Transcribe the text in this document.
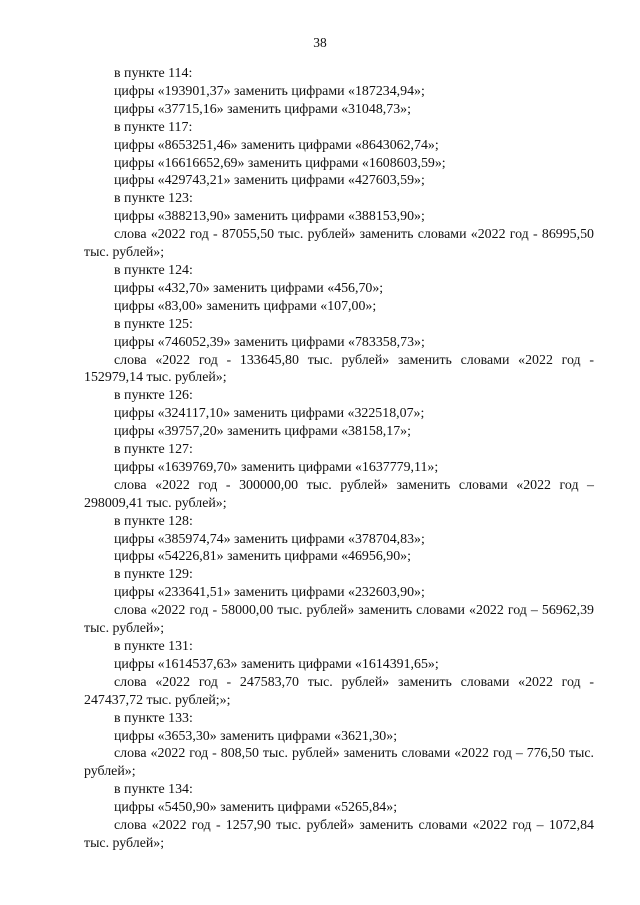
38

в пункте 114:

цифры «193901,37» заменить цифрами «187234,94»;

цифры «37715,16» заменить цифрами «31048,73»;

в пункте 117:

цифры «8653251,46» заменить цифрами «8643062,74»;

цифры «16616652,69» заменить цифрами «1608603,59»;

цифры «429743,21» заменить цифрами «427603,59»;

в пункте 123:

цифры «388213,90» заменить цифрами «388153,90»;

слова «2022 год - 87055,50 тыс. рублей» заменить словами «2022 год - 86995,50 тыс. рублей»;

в пункте 124:

цифры «432,70» заменить цифрами «456,70»;

цифры «83,00» заменить цифрами «107,00»;

в пункте 125:

цифры «746052,39» заменить цифрами «783358,73»;

слова «2022 год - 133645,80 тыс. рублей» заменить словами «2022 год - 152979,14 тыс. рублей»;

в пункте 126:

цифры «324117,10» заменить цифрами «322518,07»;

цифры «39757,20» заменить цифрами «38158,17»;

в пункте 127:

цифры «1639769,70» заменить цифрами «1637779,11»;

слова «2022 год - 300000,00 тыс. рублей» заменить словами «2022 год – 298009,41 тыс. рублей»;

в пункте 128:

цифры «385974,74» заменить цифрами «378704,83»;

цифры «54226,81» заменить цифрами «46956,90»;

в пункте 129:

цифры «233641,51» заменить цифрами «232603,90»;

слова «2022 год - 58000,00 тыс. рублей» заменить словами «2022 год – 56962,39 тыс. рублей»;

в пункте 131:

цифры «1614537,63» заменить цифрами «1614391,65»;

слова «2022 год - 247583,70 тыс. рублей» заменить словами «2022 год - 247437,72 тыс. рублей;»;

в пункте 133:

цифры «3653,30» заменить цифрами «3621,30»;

слова «2022 год - 808,50 тыс. рублей» заменить словами «2022 год – 776,50 тыс. рублей»;

в пункте 134:

цифры «5450,90» заменить цифрами «5265,84»;

слова «2022 год - 1257,90 тыс. рублей» заменить словами «2022 год – 1072,84 тыс. рублей»;
